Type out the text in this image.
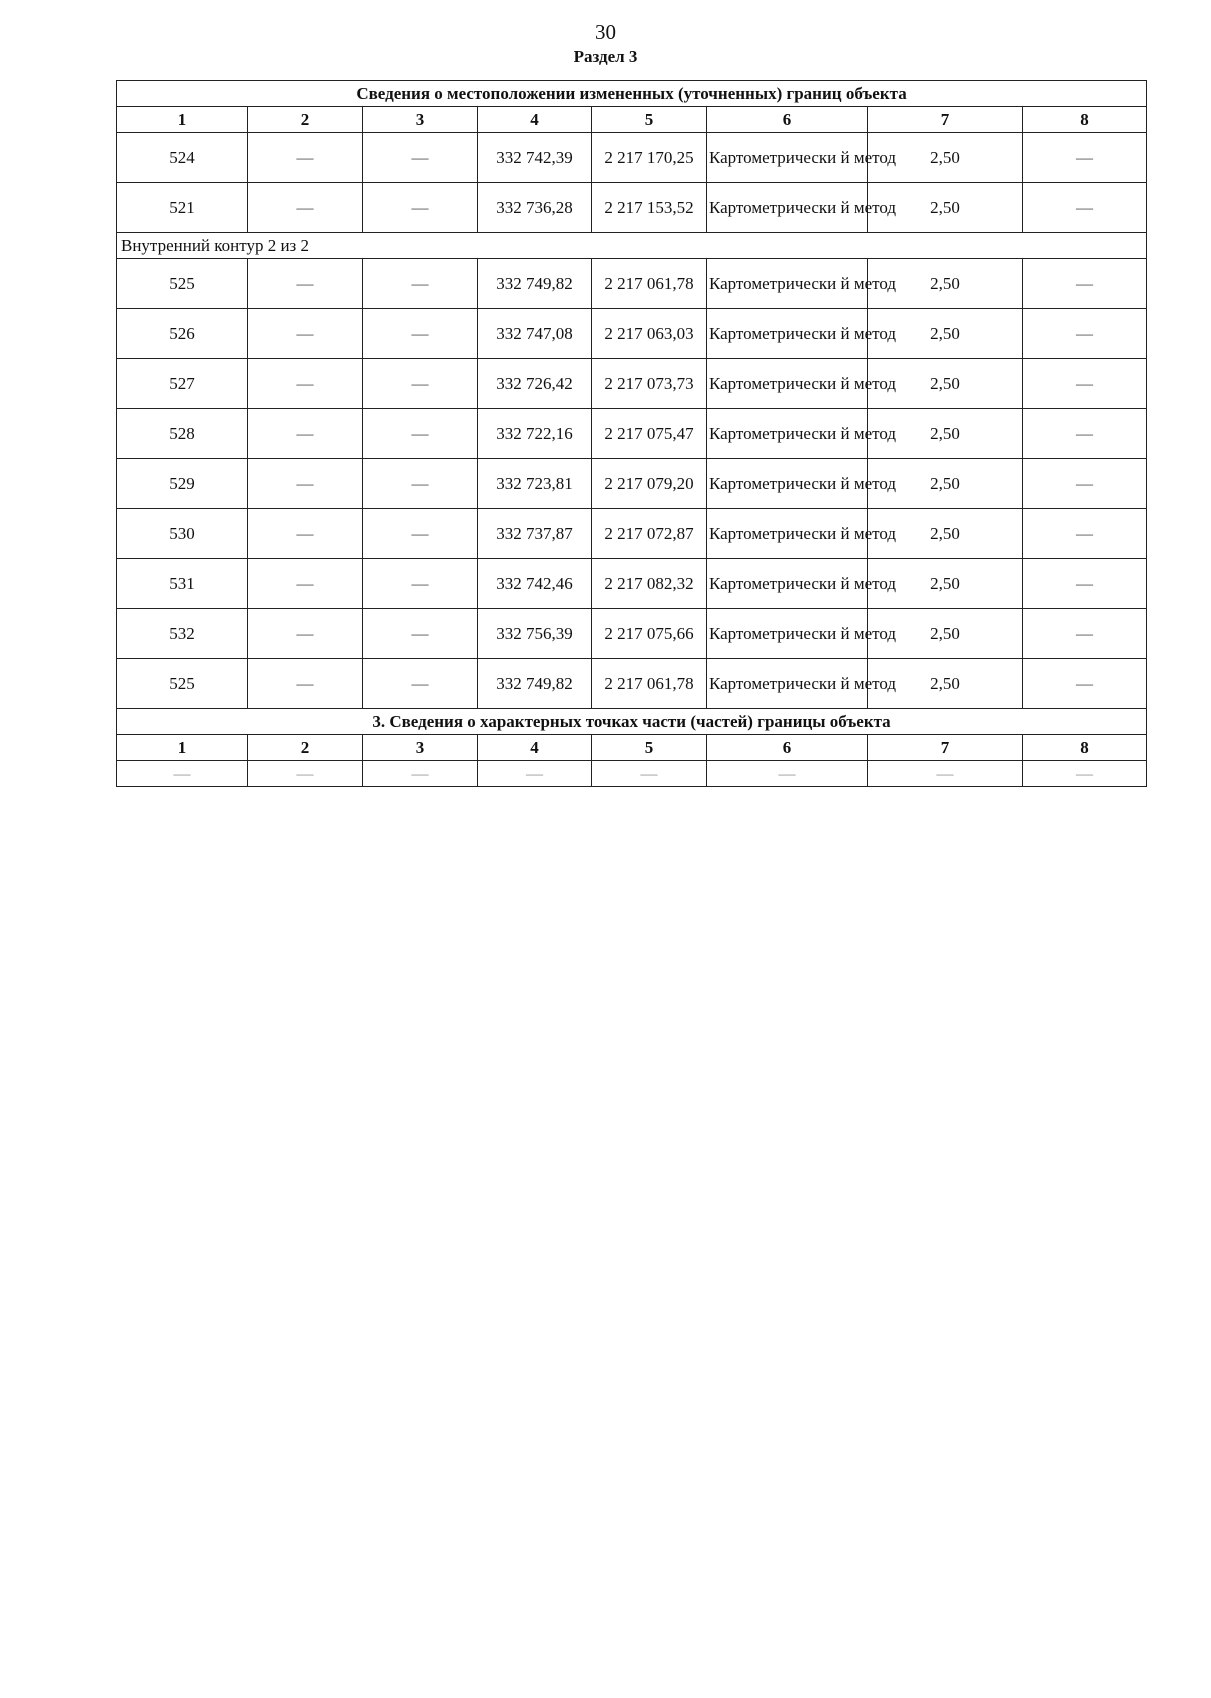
30
Раздел 3
Сведения о местоположении измененных (уточненных) границ объекта							
1	2	3	4	5	6	7	8
524	—	—	332 742,39	2 217 170,25	Картометрически й метод	2,50	—
521	—	—	332 736,28	2 217 153,52	Картометрически й метод	2,50	—
Внутренний контур 2 из 2							
525	—	—	332 749,82	2 217 061,78	Картометрически й метод	2,50	—
526	—	—	332 747,08	2 217 063,03	Картометрически й метод	2,50	—
527	—	—	332 726,42	2 217 073,73	Картометрически й метод	2,50	—
528	—	—	332 722,16	2 217 075,47	Картометрически й метод	2,50	—
529	—	—	332 723,81	2 217 079,20	Картометрически й метод	2,50	—
530	—	—	332 737,87	2 217 072,87	Картометрически й метод	2,50	—
531	—	—	332 742,46	2 217 082,32	Картометрически й метод	2,50	—
532	—	—	332 756,39	2 217 075,66	Картометрически й метод	2,50	—
525	—	—	332 749,82	2 217 061,78	Картометрически й метод	2,50	—
3. Сведения о характерных точках части (частей) границы объекта							
1	2	3	4	5	6	7	8
—	—	—	—	—	—	—	—
